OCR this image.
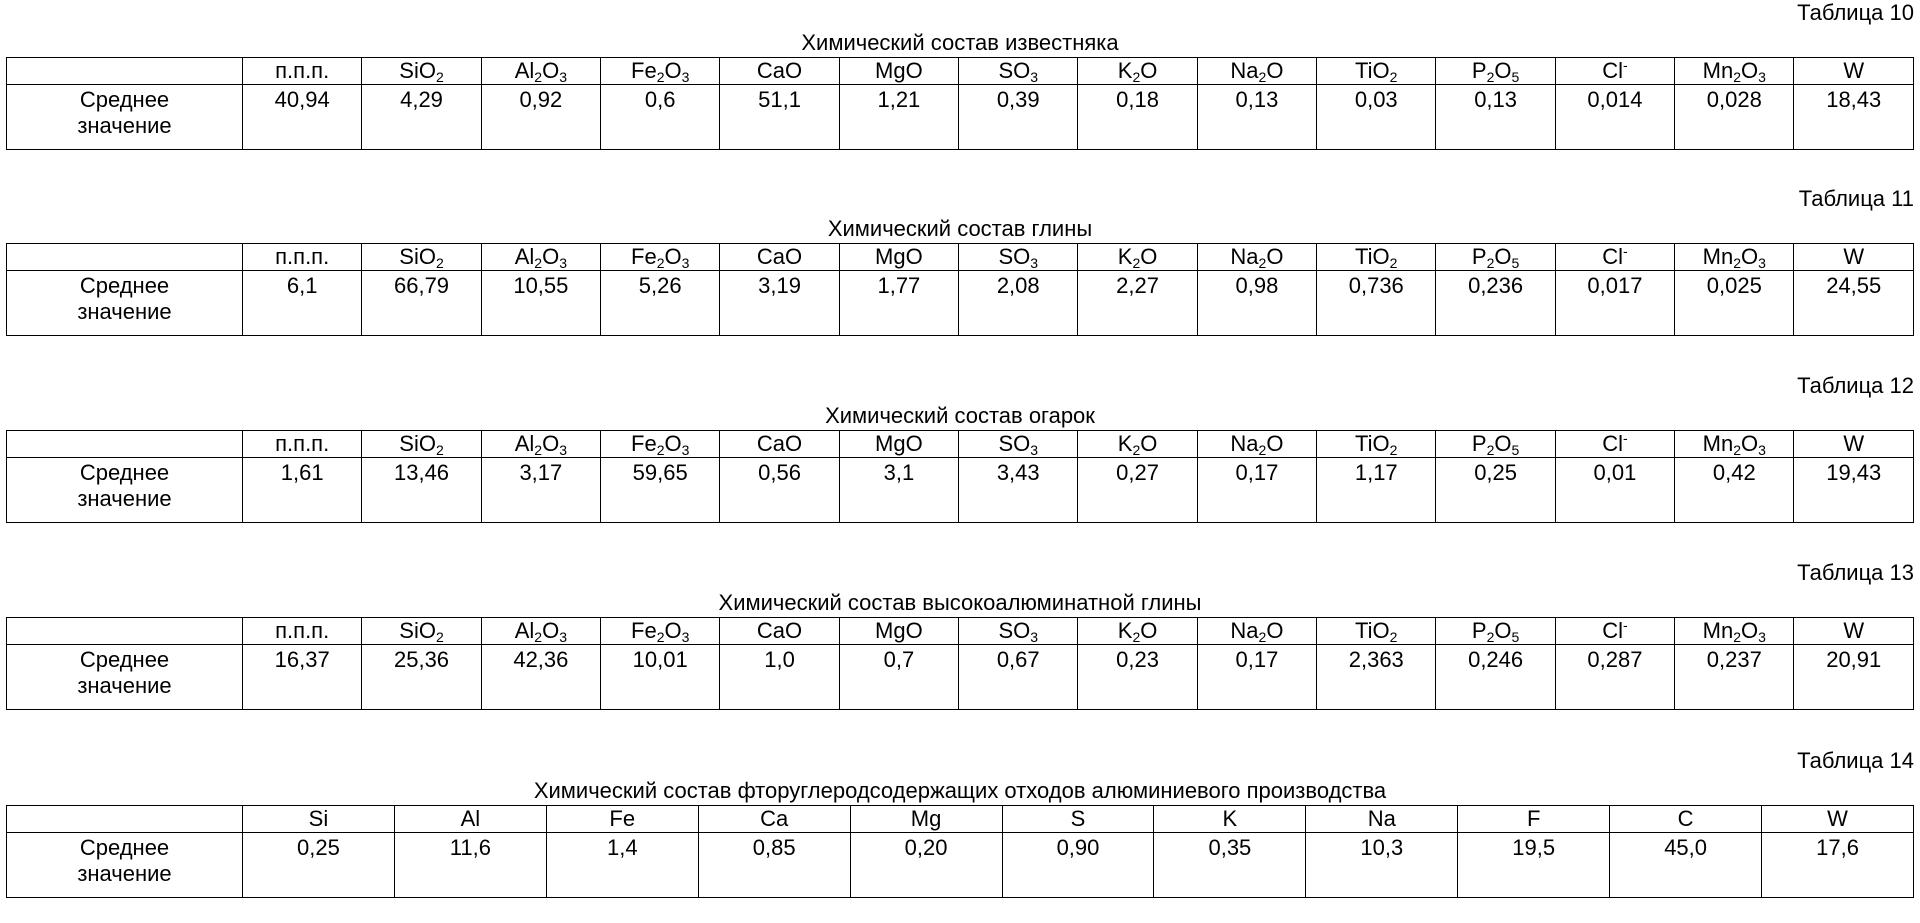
Таблица 10
Химический состав известняка
	п.п.п.	SiO$_2$	$Al_2O_3$	$Fe_2O_3$	CaO	MgO	$SO_3$	$K_2O$	$Na_2O$	TiO$_2$	$P_2O_5$	Cl-	$Mn_2O_3$	W

Среднее
значение	40,94	4,29	0,92	0,6	51,1	1,21	0,39	0,18	0,13	0,03	0,13	0,014	0,028	18,43
Таблица 11
Химический состав глины
	п.п.п.	SiO$_2$	$Al_2O_3$	$Fe_2O_3$	CaO	MgO	$SO_3$	$K_2O$	$Na_2O$	TiO$_2$	$P_2O_5$	Cl-	$Mn_2O_3$	W

Среднее
значение	6,1	66,79	10,55	5,26	3,19	1,77	2,08	2,27	0,98	0,736	0,236	0,017	0,025	24,55
Таблица 12
Химический состав огарок
	п.п.п.	SiO$_2$	$Al_2O_3$	$Fe_2O_3$	CaO	MgO	$SO_3$	$K_2O$	$Na_2O$	TiO$_2$	$P_2O_5$	Cl-	$Mn_2O_3$	W

Среднее
значение	1,61	13,46	3,17	59,65	0,56	3,1	3,43	0,27	0,17	1,17	0,25	0,01	0,42	19,43
Таблица 13
Химический состав высокоалюминатной глины
	п.п.п.	SiO$_2$	$Al_2O_3$	$Fe_2O_3$	CaO	MgO	$SO_3$	$K_2O$	$Na_2O$	TiO$_2$	$P_2O_5$	Cl-	$Mn_2O_3$	W

Среднее
значение	16,37	25,36	42,36	10,01	1,0	0,7	0,67	0,23	0,17	2,363	0,246	0,287	0,237	20,91
Таблица 14
Химический состав фторуглеродсодержащих отходов алюминиевого производства
	Si	Al	Fe	Ca	Mg	S	K	Na	F	C	W

Среднее
значение	0,25	11,6	1,4	0,85	0,20	0,90	0,35	10,3	19,5	45,0	17,6
